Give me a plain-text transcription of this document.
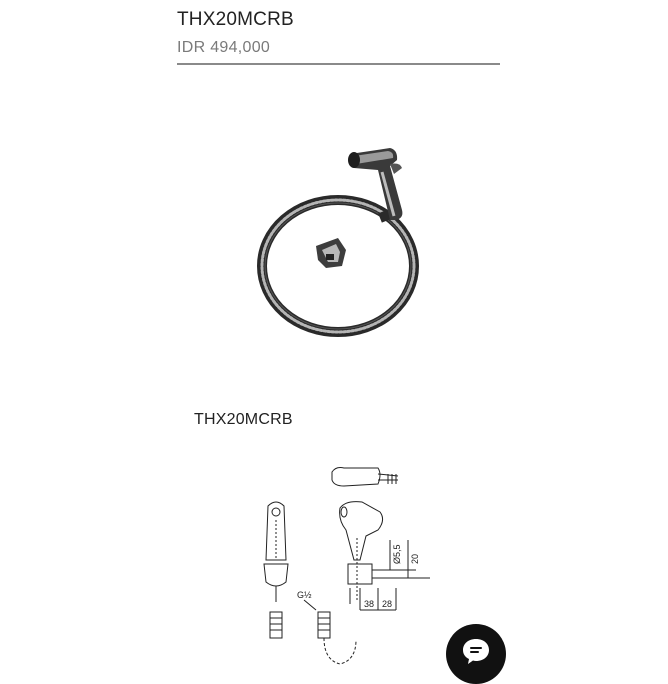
THX20MCRB
IDR 494,000
THX20MCRB
Ø5,5 20
G½
38 28
